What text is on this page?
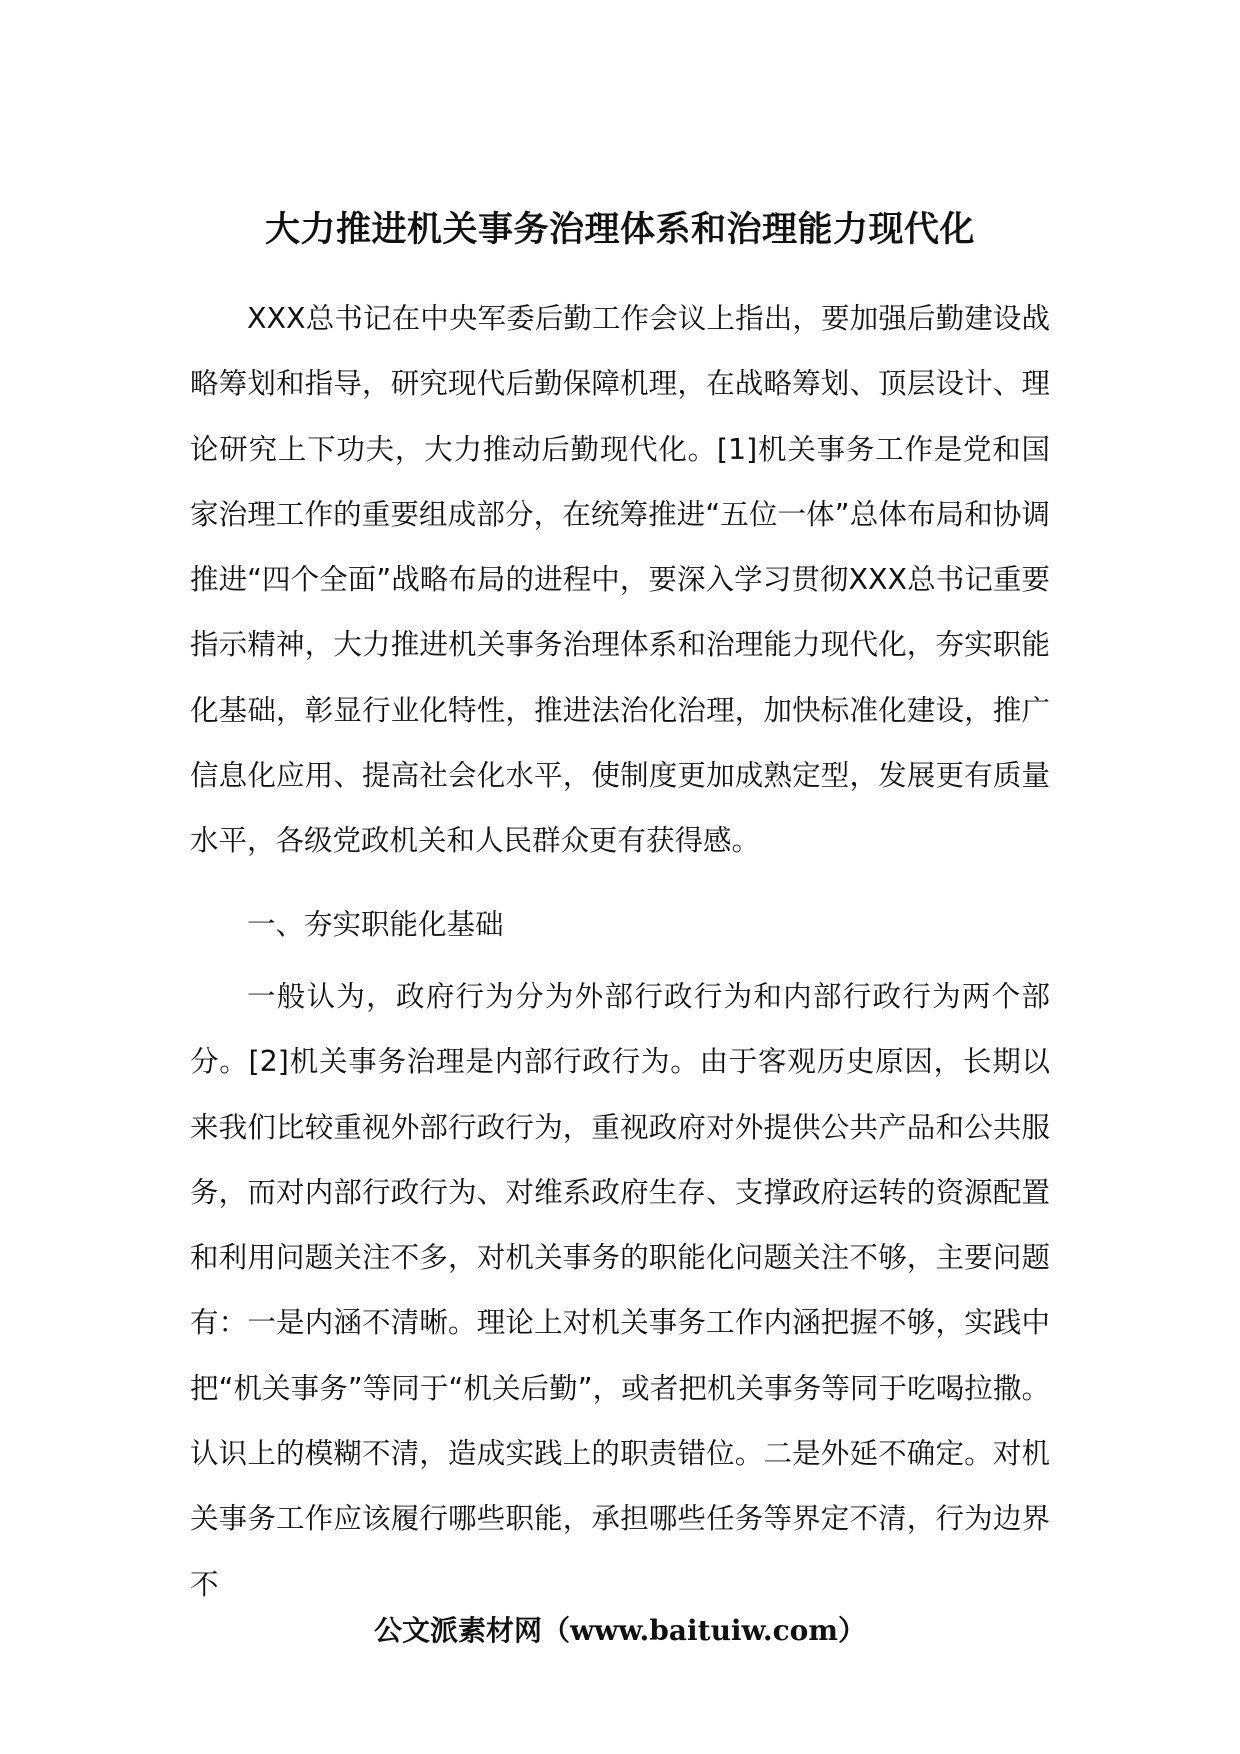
大力推进机关事务治理体系和治理能力现代化

XXX总书记在中央军委后勤工作会议上指出，要加强后勤建设战略筹划和指导，研究现代后勤保障机理，在战略筹划、顶层设计、理论研究上下功夫，大力推动后勤现代化。[1]机关事务工作是党和国家治理工作的重要组成部分，在统筹推进“五位一体”总体布局和协调推进“四个全面”战略布局的进程中，要深入学习贯彻XXX总书记重要指示精神，大力推进机关事务治理体系和治理能力现代化，夯实职能化基础，彰显行业化特性，推进法治化治理，加快标准化建设，推广信息化应用、提高社会化水平，使制度更加成熟定型，发展更有质量水平，各级党政机关和人民群众更有获得感。

一、夯实职能化基础

一般认为，政府行为分为外部行政行为和内部行政行为两个部分。[2]机关事务治理是内部行政行为。由于客观历史原因，长期以来我们比较重视外部行政行为，重视政府对外提供公共产品和公共服务，而对内部行政行为、对维系政府生存、支撑政府运转的资源配置和利用问题关注不多，对机关事务的职能化问题关注不够，主要问题有：一是内涵不清晰。理论上对机关事务工作内涵把握不够，实践中把“机关事务”等同于“机关后勤”，或者把机关事务等同于吃喝拉撒。认识上的模糊不清，造成实践上的职责错位。二是外延不确定。对机关事务工作应该履行哪些职能，承担哪些任务等界定不清，行为边界不

公文派素材网（www.baituiw.com）
